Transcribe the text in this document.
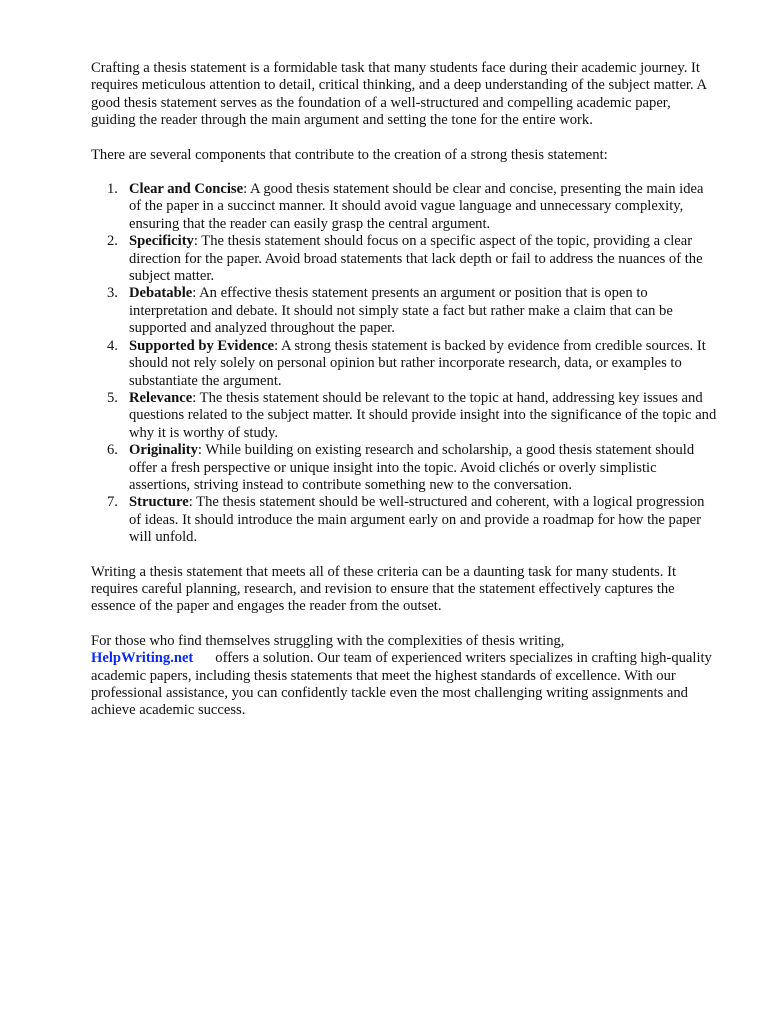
Crafting a thesis statement is a formidable task that many students face during their academic journey. It requires meticulous attention to detail, critical thinking, and a deep understanding of the subject matter. A good thesis statement serves as the foundation of a well-structured and compelling academic paper, guiding the reader through the main argument and setting the tone for the entire work.

There are several components that contribute to the creation of a strong thesis statement:

1. Clear and Concise: A good thesis statement should be clear and concise, presenting the main idea of the paper in a succinct manner. It should avoid vague language and unnecessary complexity, ensuring that the reader can easily grasp the central argument.
2. Specificity: The thesis statement should focus on a specific aspect of the topic, providing a clear direction for the paper. Avoid broad statements that lack depth or fail to address the nuances of the subject matter.
3. Debatable: An effective thesis statement presents an argument or position that is open to interpretation and debate. It should not simply state a fact but rather make a claim that can be supported and analyzed throughout the paper.
4. Supported by Evidence: A strong thesis statement is backed by evidence from credible sources. It should not rely solely on personal opinion but rather incorporate research, data, or examples to substantiate the argument.
5. Relevance: The thesis statement should be relevant to the topic at hand, addressing key issues and questions related to the subject matter. It should provide insight into the significance of the topic and why it is worthy of study.
6. Originality: While building on existing research and scholarship, a good thesis statement should offer a fresh perspective or unique insight into the topic. Avoid clichés or overly simplistic assertions, striving instead to contribute something new to the conversation.
7. Structure: The thesis statement should be well-structured and coherent, with a logical progression of ideas. It should introduce the main argument early on and provide a roadmap for how the paper will unfold.

Writing a thesis statement that meets all of these criteria can be a daunting task for many students. It requires careful planning, research, and revision to ensure that the statement effectively captures the essence of the paper and engages the reader from the outset.

For those who find themselves struggling with the complexities of thesis writing,
HelpWriting.net offers a solution. Our team of experienced writers specializes in crafting high-quality academic papers, including thesis statements that meet the highest standards of excellence. With our professional assistance, you can confidently tackle even the most challenging writing assignments and achieve academic success.
